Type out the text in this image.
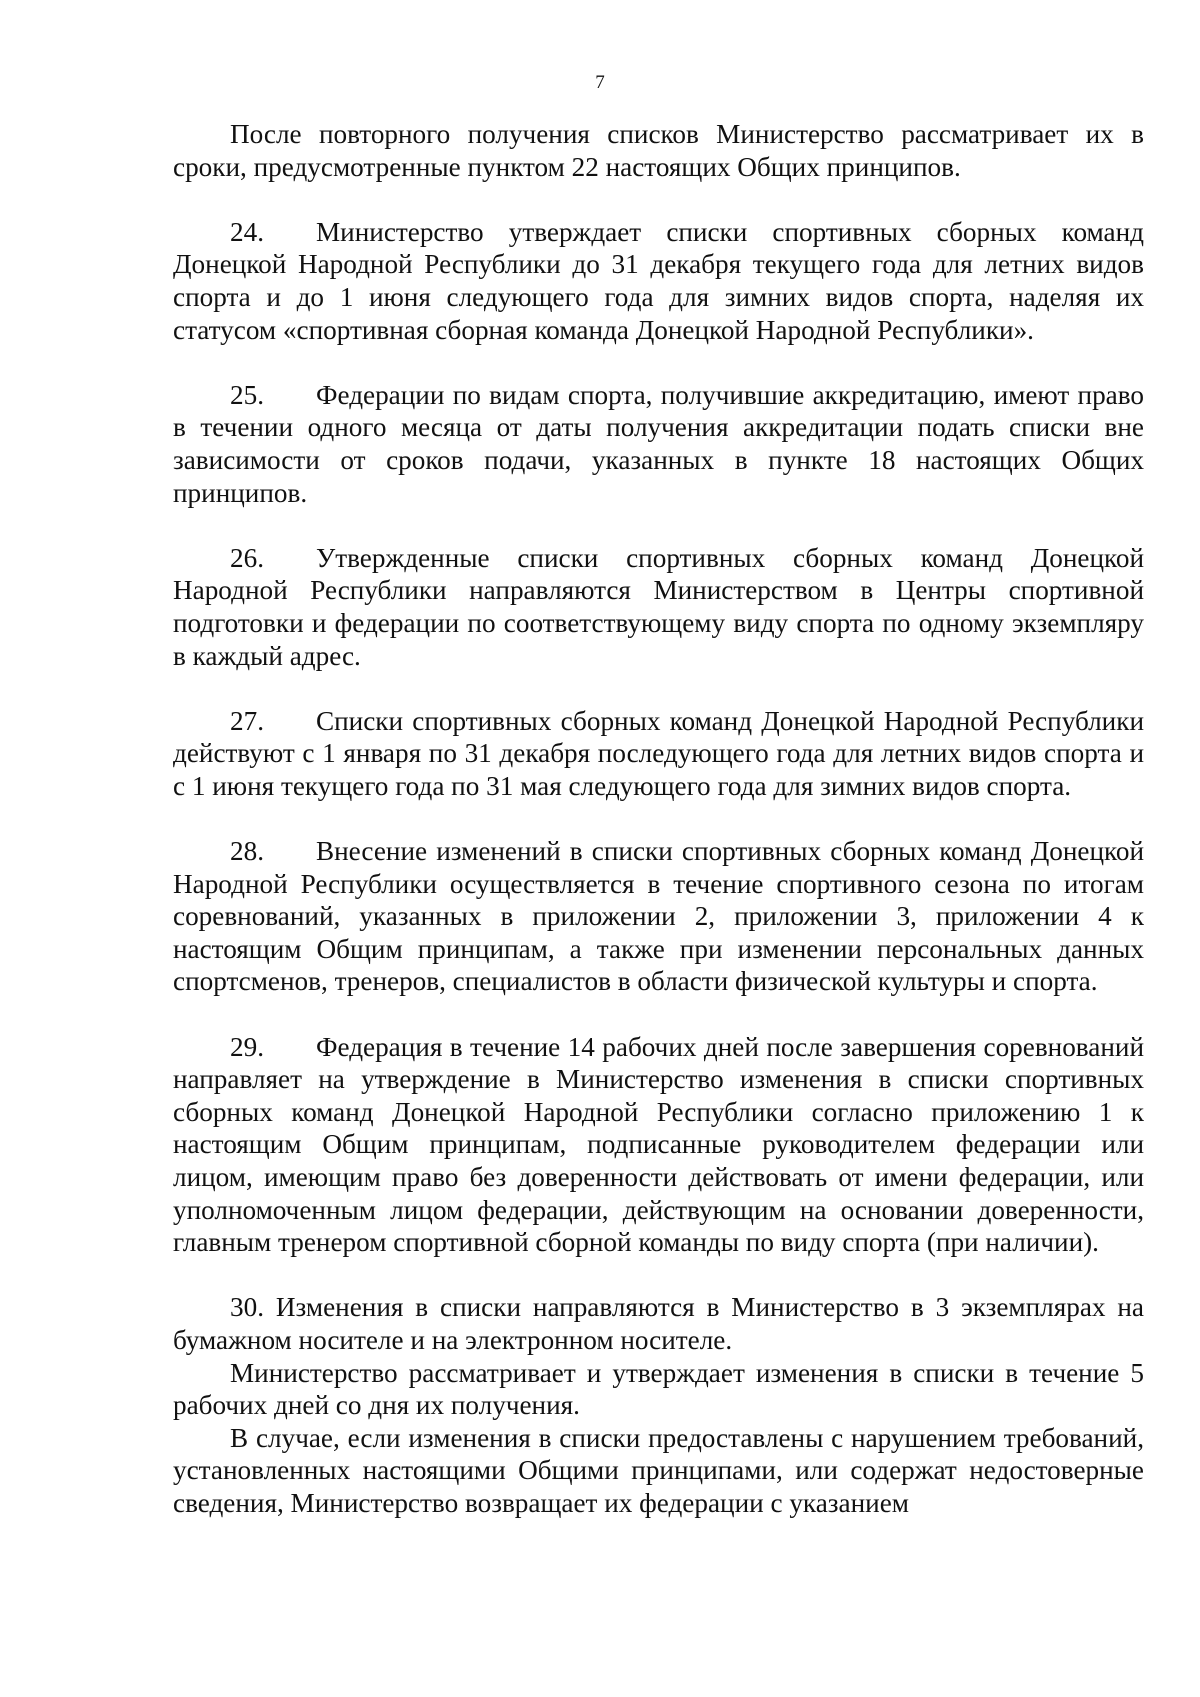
7

После повторного получения списков Министерство рассматривает их в сроки, предусмотренные пунктом 22 настоящих Общих принципов.

24. Министерство утверждает списки спортивных сборных команд Донецкой Народной Республики до 31 декабря текущего года для летних видов спорта и до 1 июня следующего года для зимних видов спорта, наделяя их статусом «спортивная сборная команда Донецкой Народной Республики».

25. Федерации по видам спорта, получившие аккредитацию, имеют право в течении одного месяца от даты получения аккредитации подать списки вне зависимости от сроков подачи, указанных в пункте 18 настоящих Общих принципов.

26. Утвержденные списки спортивных сборных команд Донецкой Народной Республики направляются Министерством в Центры спортивной подготовки и федерации по соответствующему виду спорта по одному экземпляру в каждый адрес.

27. Списки спортивных сборных команд Донецкой Народной Республики действуют с 1 января по 31 декабря последующего года для летних видов спорта и с 1 июня текущего года по 31 мая следующего года для зимних видов спорта.

28. Внесение изменений в списки спортивных сборных команд Донецкой Народной Республики осуществляется в течение спортивного сезона по итогам соревнований, указанных в приложении 2, приложении 3, приложении 4 к настоящим Общим принципам, а также при изменении персональных данных спортсменов, тренеров, специалистов в области физической культуры и спорта.

29. Федерация в течение 14 рабочих дней после завершения соревнований направляет на утверждение в Министерство изменения в списки спортивных сборных команд Донецкой Народной Республики согласно приложению 1 к настоящим Общим принципам, подписанные руководителем федерации или лицом, имеющим право без доверенности действовать от имени федерации, или уполномоченным лицом федерации, действующим на основании доверенности, главным тренером спортивной сборной команды по виду спорта (при наличии).

30. Изменения в списки направляются в Министерство в 3 экземплярах на бумажном носителе и на электронном носителе.

Министерство рассматривает и утверждает изменения в списки в течение 5 рабочих дней со дня их получения.

В случае, если изменения в списки предоставлены с нарушением требований, установленных настоящими Общими принципами, или содержат недостоверные сведения, Министерство возвращает их федерации с указанием
